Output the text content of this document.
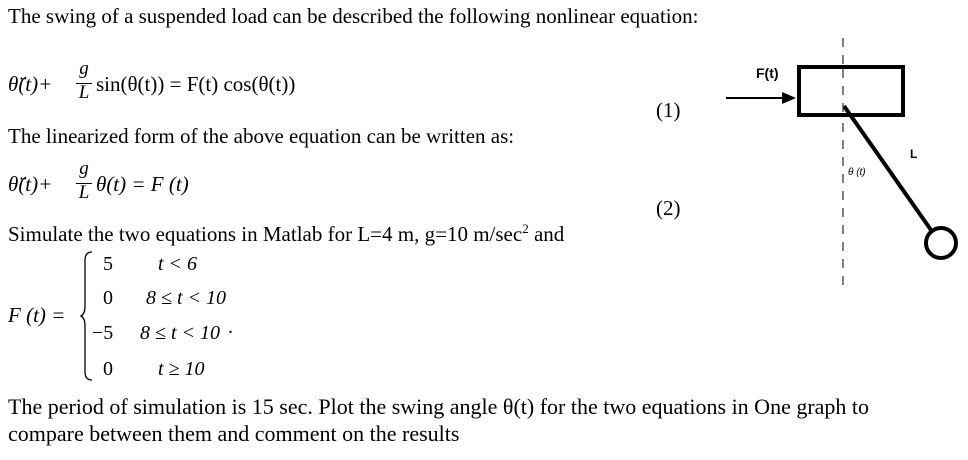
The swing of a suspended load can be described the following nonlinear equation:
θ̈(t)+
g
L sin(θ(t)) = F(t) cos(θ(t))
(1)
The linearized form of the above equation can be written as:
θ̈(t)+
g
L θ(t) = F (t)
(2)
Simulate the two equations in Matlab for L=4 m, g=10 $m/\sec^2$ and
F (t) =
5 t < 6
0 8 ≤ t < 10
−5 8 ≤ t < 10 .
0 t ≥ 10
The period of simulation is 15 sec. Plot the swing angle θ(t) for the two equations in One graph to
compare between them and comment on the results
F(t)
L
θ (t)
